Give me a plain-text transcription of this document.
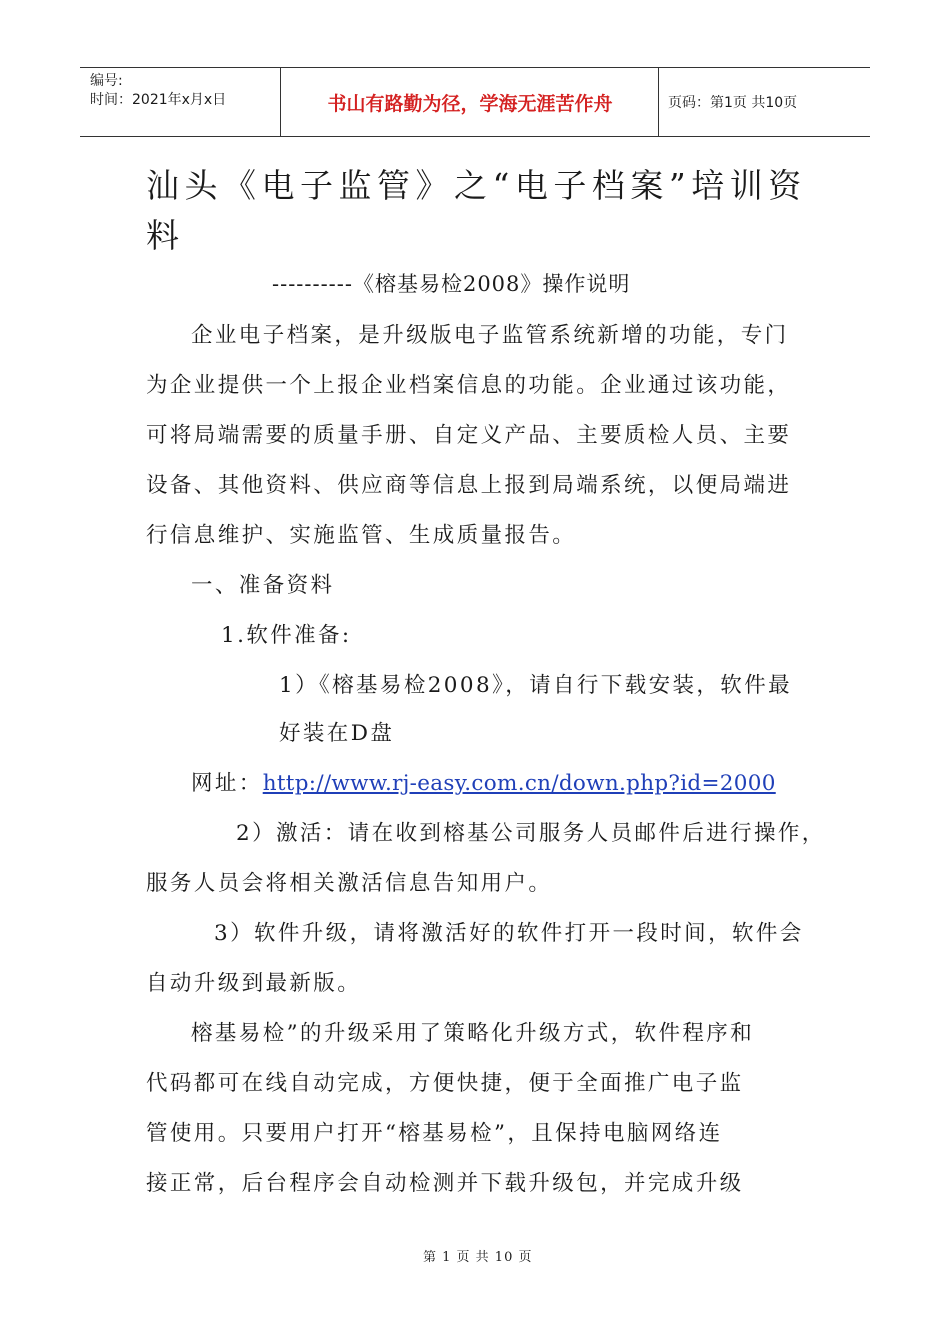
编号:
时间：2021年x月x日	书山有路勤为径，学海无涯苦作舟	页码：第1页 共10页
汕头《电子监管》之“电子档案”培训资
料
----------《榕基易检2008》操作说明
企业电子档案，是升级版电子监管系统新增的功能，专门
为企业提供一个上报企业档案信息的功能。企业通过该功能，
可将局端需要的质量手册、自定义产品、主要质检人员、主要
设备、其他资料、供应商等信息上报到局端系统，以便局端进
行信息维护、实施监管、生成质量报告。
一、准备资料
1.软件准备:
1）《榕基易检2008》，请自行下载安装，软件最
好装在D盘
网址：http://www.rj-easy.com.cn/down.php?id=2000
2）激活：请在收到榕基公司服务人员邮件后进行操作，
服务人员会将相关激活信息告知用户。
3）软件升级，请将激活好的软件打开一段时间，软件会
自动升级到最新版。
榕基易检”的升级采用了策略化升级方式，软件程序和
代码都可在线自动完成，方便快捷，便于全面推广电子监
管使用。只要用户打开“榕基易检”，且保持电脑网络连
接正常，后台程序会自动检测并下载升级包，并完成升级
第 1 页 共 10 页
